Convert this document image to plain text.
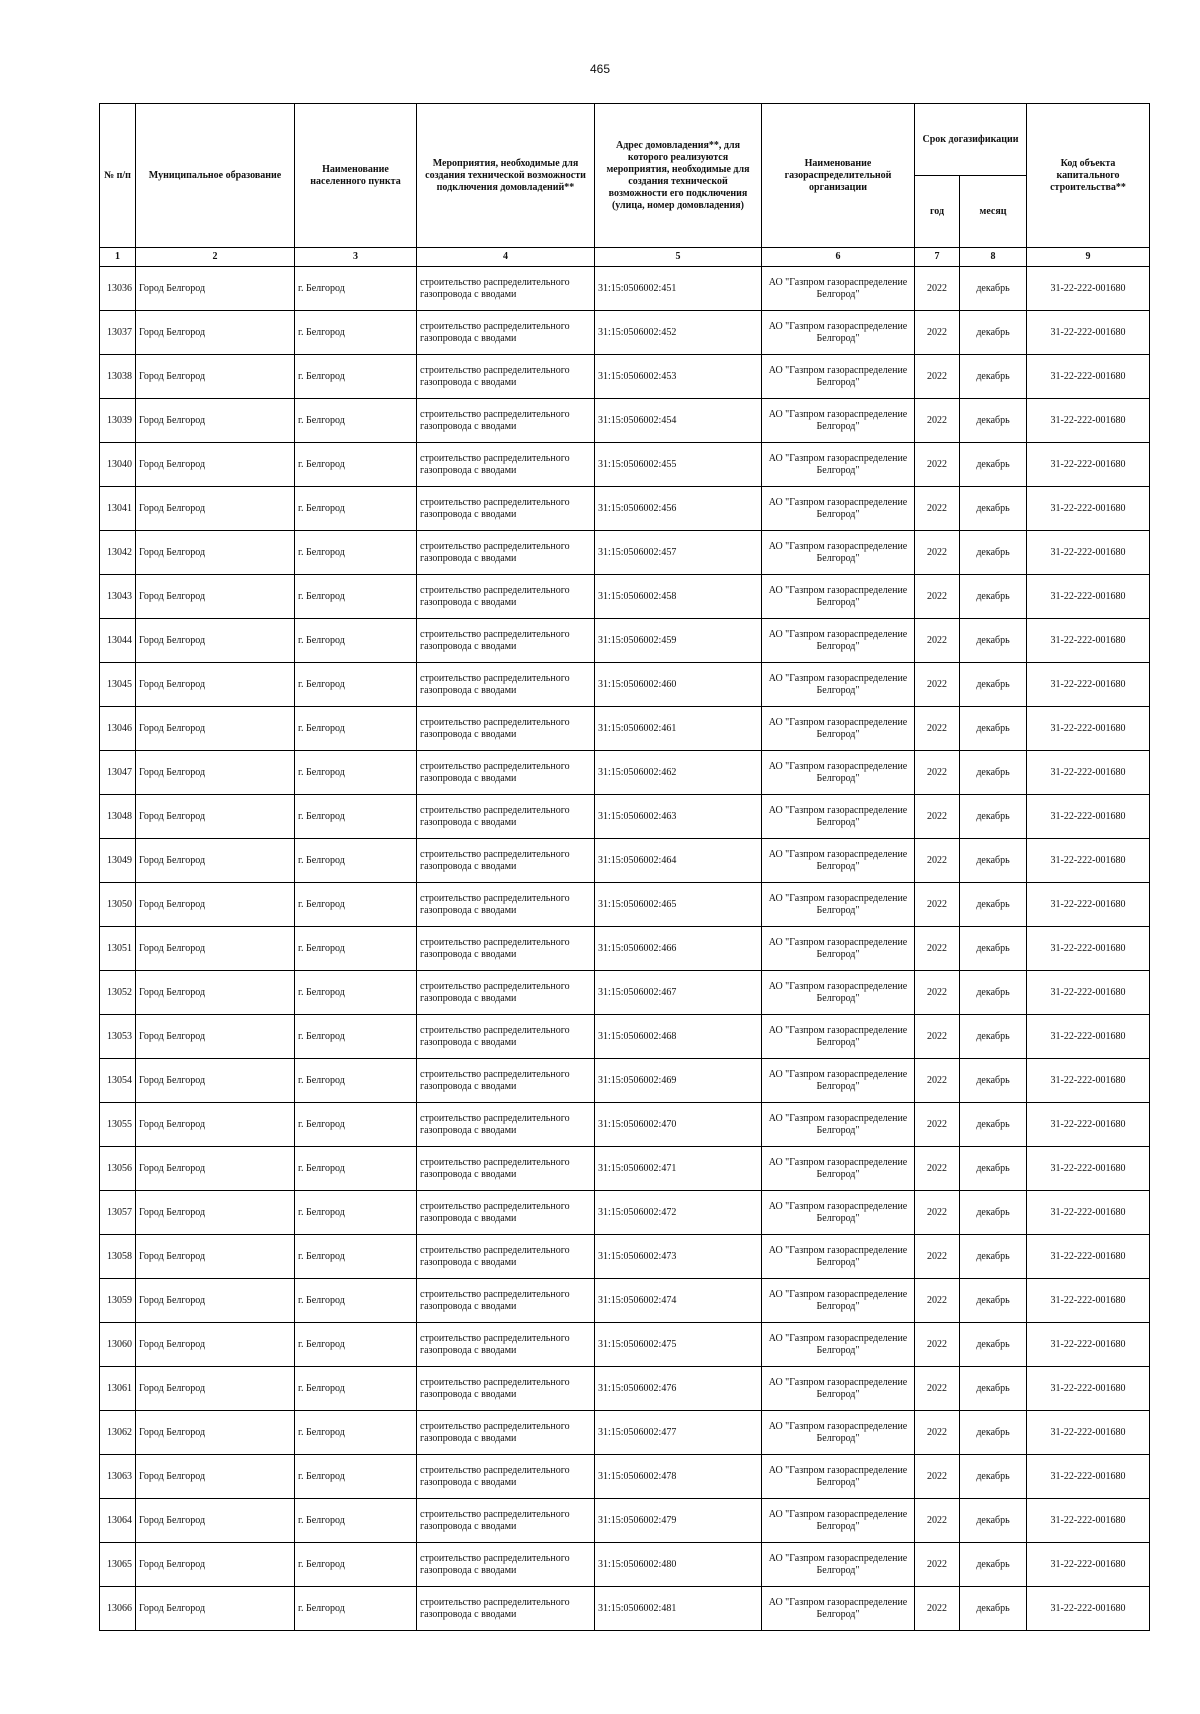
465
№ п/п	Муниципальное образование	Наименование населенного пункта	Мероприятия, необходимые для создания технической возможности подключения домовладений**	Адрес домовладения**, для которого реализуются мероприятия, необходимые для создания технической возможности его подключения (улица, номер домовладения)	Наименование газораспределительной организации	Срок догазификации		Код объекта капитального строительства**
						год	месяц	
1	2	3	4	5	6	7	8	9
13036	Город Белгород	г. Белгород	строительство распределительного газопровода с вводами	31:15:0506002:451	АО "Газпром газораспределение Белгород"	2022	декабрь	31-22-222-001680
13037	Город Белгород	г. Белгород	строительство распределительного газопровода с вводами	31:15:0506002:452	АО "Газпром газораспределение Белгород"	2022	декабрь	31-22-222-001680
13038	Город Белгород	г. Белгород	строительство распределительного газопровода с вводами	31:15:0506002:453	АО "Газпром газораспределение Белгород"	2022	декабрь	31-22-222-001680
13039	Город Белгород	г. Белгород	строительство распределительного газопровода с вводами	31:15:0506002:454	АО "Газпром газораспределение Белгород"	2022	декабрь	31-22-222-001680
13040	Город Белгород	г. Белгород	строительство распределительного газопровода с вводами	31:15:0506002:455	АО "Газпром газораспределение Белгород"	2022	декабрь	31-22-222-001680
13041	Город Белгород	г. Белгород	строительство распределительного газопровода с вводами	31:15:0506002:456	АО "Газпром газораспределение Белгород"	2022	декабрь	31-22-222-001680
13042	Город Белгород	г. Белгород	строительство распределительного газопровода с вводами	31:15:0506002:457	АО "Газпром газораспределение Белгород"	2022	декабрь	31-22-222-001680
13043	Город Белгород	г. Белгород	строительство распределительного газопровода с вводами	31:15:0506002:458	АО "Газпром газораспределение Белгород"	2022	декабрь	31-22-222-001680
13044	Город Белгород	г. Белгород	строительство распределительного газопровода с вводами	31:15:0506002:459	АО "Газпром газораспределение Белгород"	2022	декабрь	31-22-222-001680
13045	Город Белгород	г. Белгород	строительство распределительного газопровода с вводами	31:15:0506002:460	АО "Газпром газораспределение Белгород"	2022	декабрь	31-22-222-001680
13046	Город Белгород	г. Белгород	строительство распределительного газопровода с вводами	31:15:0506002:461	АО "Газпром газораспределение Белгород"	2022	декабрь	31-22-222-001680
13047	Город Белгород	г. Белгород	строительство распределительного газопровода с вводами	31:15:0506002:462	АО "Газпром газораспределение Белгород"	2022	декабрь	31-22-222-001680
13048	Город Белгород	г. Белгород	строительство распределительного газопровода с вводами	31:15:0506002:463	АО "Газпром газораспределение Белгород"	2022	декабрь	31-22-222-001680
13049	Город Белгород	г. Белгород	строительство распределительного газопровода с вводами	31:15:0506002:464	АО "Газпром газораспределение Белгород"	2022	декабрь	31-22-222-001680
13050	Город Белгород	г. Белгород	строительство распределительного газопровода с вводами	31:15:0506002:465	АО "Газпром газораспределение Белгород"	2022	декабрь	31-22-222-001680
13051	Город Белгород	г. Белгород	строительство распределительного газопровода с вводами	31:15:0506002:466	АО "Газпром газораспределение Белгород"	2022	декабрь	31-22-222-001680
13052	Город Белгород	г. Белгород	строительство распределительного газопровода с вводами	31:15:0506002:467	АО "Газпром газораспределение Белгород"	2022	декабрь	31-22-222-001680
13053	Город Белгород	г. Белгород	строительство распределительного газопровода с вводами	31:15:0506002:468	АО "Газпром газораспределение Белгород"	2022	декабрь	31-22-222-001680
13054	Город Белгород	г. Белгород	строительство распределительного газопровода с вводами	31:15:0506002:469	АО "Газпром газораспределение Белгород"	2022	декабрь	31-22-222-001680
13055	Город Белгород	г. Белгород	строительство распределительного газопровода с вводами	31:15:0506002:470	АО "Газпром газораспределение Белгород"	2022	декабрь	31-22-222-001680
13056	Город Белгород	г. Белгород	строительство распределительного газопровода с вводами	31:15:0506002:471	АО "Газпром газораспределение Белгород"	2022	декабрь	31-22-222-001680
13057	Город Белгород	г. Белгород	строительство распределительного газопровода с вводами	31:15:0506002:472	АО "Газпром газораспределение Белгород"	2022	декабрь	31-22-222-001680
13058	Город Белгород	г. Белгород	строительство распределительного газопровода с вводами	31:15:0506002:473	АО "Газпром газораспределение Белгород"	2022	декабрь	31-22-222-001680
13059	Город Белгород	г. Белгород	строительство распределительного газопровода с вводами	31:15:0506002:474	АО "Газпром газораспределение Белгород"	2022	декабрь	31-22-222-001680
13060	Город Белгород	г. Белгород	строительство распределительного газопровода с вводами	31:15:0506002:475	АО "Газпром газораспределение Белгород"	2022	декабрь	31-22-222-001680
13061	Город Белгород	г. Белгород	строительство распределительного газопровода с вводами	31:15:0506002:476	АО "Газпром газораспределение Белгород"	2022	декабрь	31-22-222-001680
13062	Город Белгород	г. Белгород	строительство распределительного газопровода с вводами	31:15:0506002:477	АО "Газпром газораспределение Белгород"	2022	декабрь	31-22-222-001680
13063	Город Белгород	г. Белгород	строительство распределительного газопровода с вводами	31:15:0506002:478	АО "Газпром газораспределение Белгород"	2022	декабрь	31-22-222-001680
13064	Город Белгород	г. Белгород	строительство распределительного газопровода с вводами	31:15:0506002:479	АО "Газпром газораспределение Белгород"	2022	декабрь	31-22-222-001680
13065	Город Белгород	г. Белгород	строительство распределительного газопровода с вводами	31:15:0506002:480	АО "Газпром газораспределение Белгород"	2022	декабрь	31-22-222-001680
13066	Город Белгород	г. Белгород	строительство распределительного газопровода с вводами	31:15:0506002:481	АО "Газпром газораспределение Белгород"	2022	декабрь	31-22-222-001680
